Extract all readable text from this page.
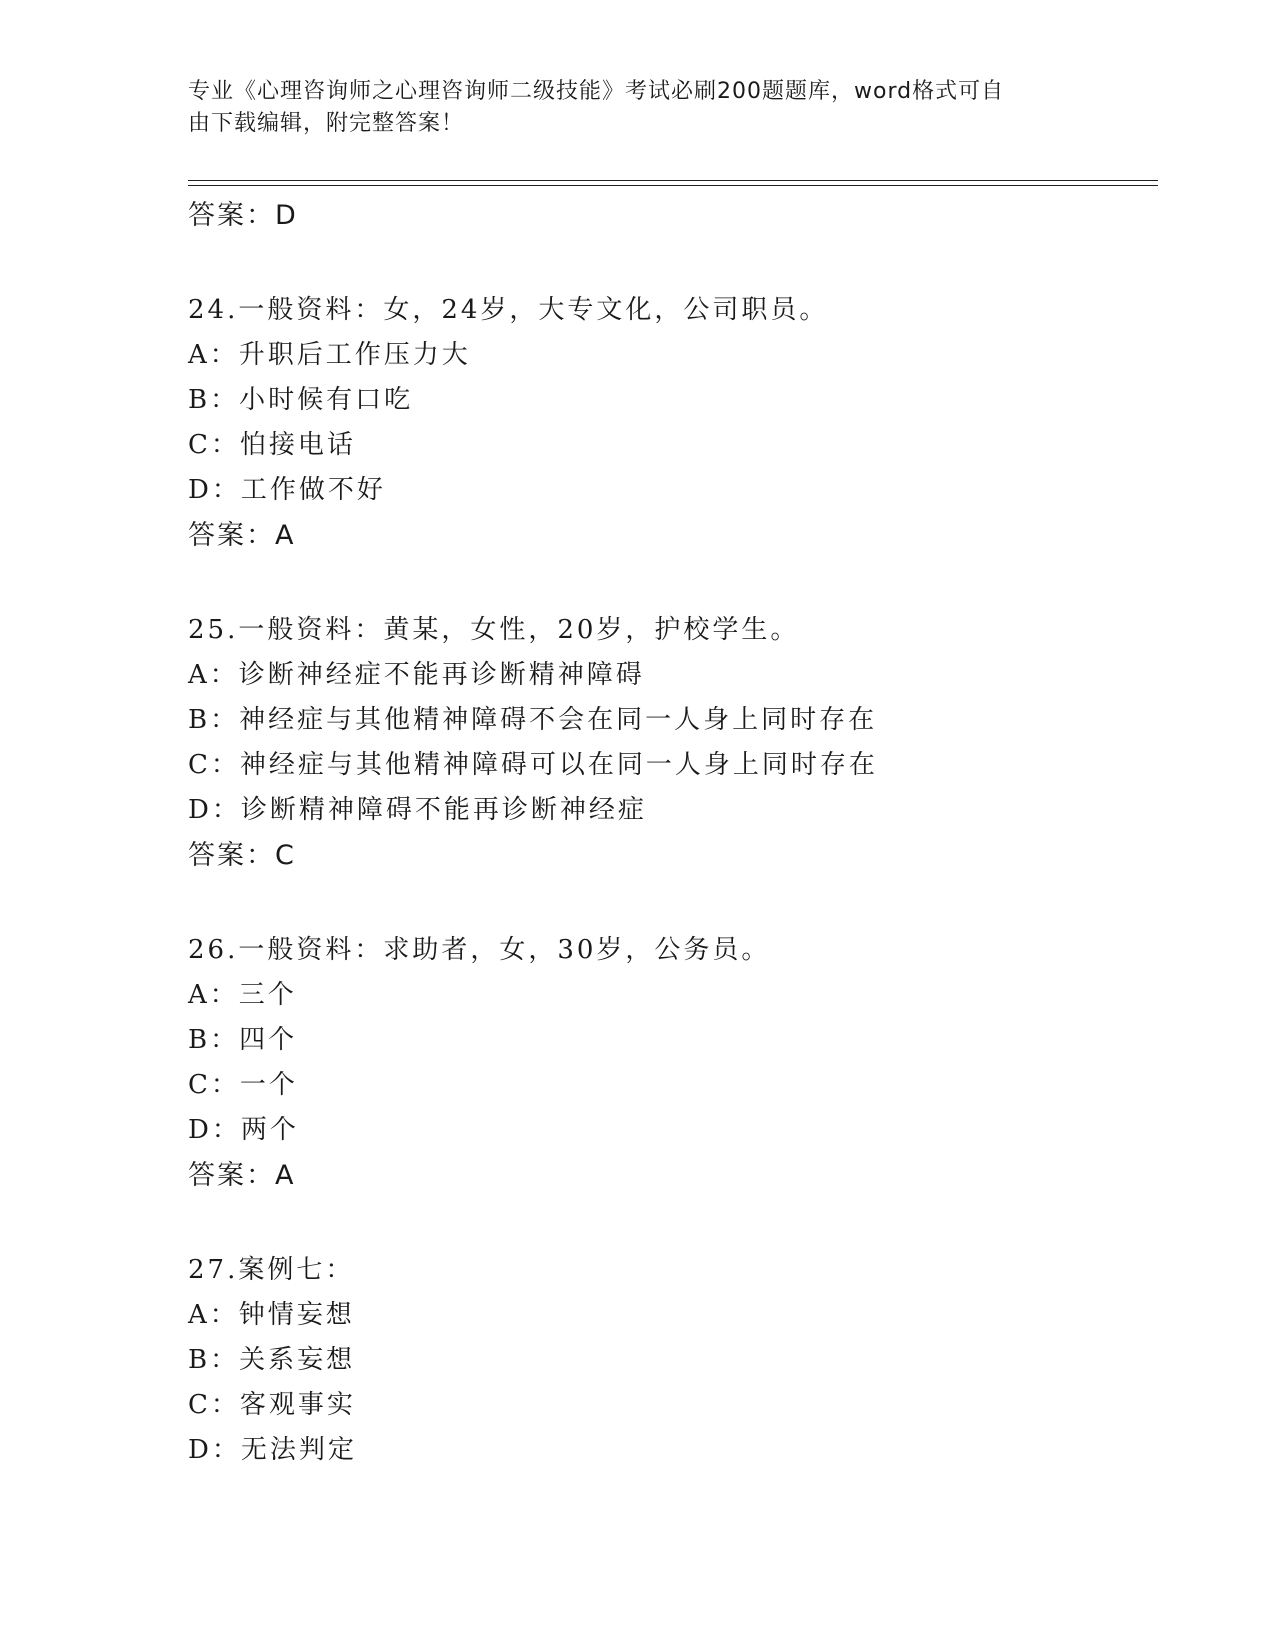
专业《心理咨询师之心理咨询师二级技能》考试必刷200题题库，word格式可自
由下载编辑，附完整答案！
答案：D
24.一般资料：女，24岁，大专文化，公司职员。
A：升职后工作压力大
B：小时候有口吃
C：怕接电话
D：工作做不好
答案：A
25.一般资料：黄某，女性，20岁，护校学生。
A：诊断神经症不能再诊断精神障碍
B：神经症与其他精神障碍不会在同一人身上同时存在
C：神经症与其他精神障碍可以在同一人身上同时存在
D：诊断精神障碍不能再诊断神经症
答案：C
26.一般资料：求助者，女，30岁，公务员。
A：三个
B：四个
C：一个
D：两个
答案：A
27.案例七：
A：钟情妄想
B：关系妄想
C：客观事实
D：无法判定
